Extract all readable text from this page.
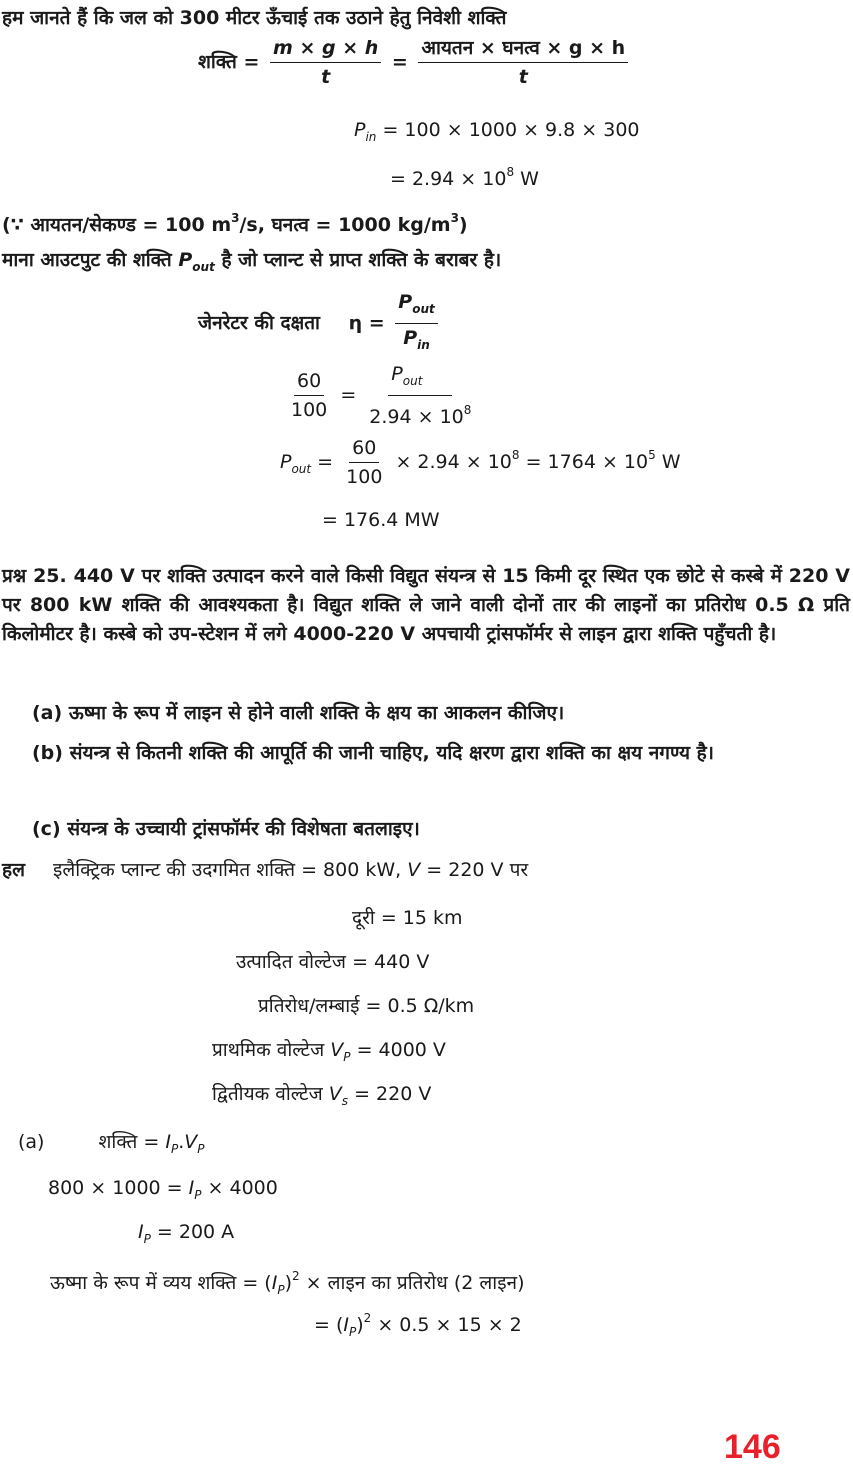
हम जानते हैं कि जल को 300 मीटर ऊँचाई तक उठाने हेतु निवेशी शक्ति
शक्ति = $\frac{m \times g \times h}{t} = \frac{\text{आयतन × घनत्व × g × h}}{t}$
$P_{in} = 100 \times 1000 \times 9.8 \times 300$
= $2.94 \times 10^8$ W
(∵ आयतन/सेकण्ड = 100 $m^3/s$, घनत्व = 1000 $kg/m^3$)
माना आउटपुट की शक्ति $P_{out}$ है जो प्लान्ट से प्राप्त शक्ति के बराबर है।
जेनरेटर की दक्षता $\eta = \frac{P_{out}}{P_{in}}$
$\frac{60}{100} = \frac{P_{out}}{2.94 \times 10^8}$
$P_{out} = \frac{60}{100} \times 2.94 \times 10^8 = 1764 \times 10^5$ W
= 176.4 MW
प्रश्न 25. 440 V पर शक्ति उत्पादन करने वाले किसी विद्युत संयन्त्र से 15 किमी दूर स्थित एक छोटे से कस्बे में 220 V पर 800 kW शक्ति की आवश्यकता है। विद्युत शक्ति ले जाने वाली दोनों तार की लाइनों का प्रतिरोध 0.5 Ω प्रति किलोमीटर है। कस्बे को उप-स्टेशन में लगे 4000-220 V अपचायी ट्रांसफॉर्मर से लाइन द्वारा शक्ति पहुँचती है।
(a) ऊष्मा के रूप में लाइन से होने वाली शक्ति के क्षय का आकलन कीजिए।
(b) संयन्त्र से कितनी शक्ति की आपूर्ति की जानी चाहिए, यदि क्षरण द्वारा शक्ति का क्षय नगण्य है।
(c) संयन्त्र के उच्चायी ट्रांसफॉर्मर की विशेषता बतलाइए।
हल इलैक्ट्रिक प्लान्ट की उदगमित शक्ति = 800 kW, V = 220 V पर
दूरी = 15 km
उत्पादित वोल्टेज = 440 V
प्रतिरोध/लम्बाई = 0.5 Ω/km
प्राथमिक वोल्टेज $V_P = 4000$ V
द्वितीयक वोल्टेज $V_s = 220$ V
(a)	शक्ति = $I_P.V_P$
$800 \times 1000 = I_P \times 4000$
$I_P = 200$ A
ऊष्मा के रूप में व्यय शक्ति = $(I_P)^2$ × लाइन का प्रतिरोध (2 लाइन)
= $(I_P)^2 \times 0.5 \times 15 \times 2$
146
